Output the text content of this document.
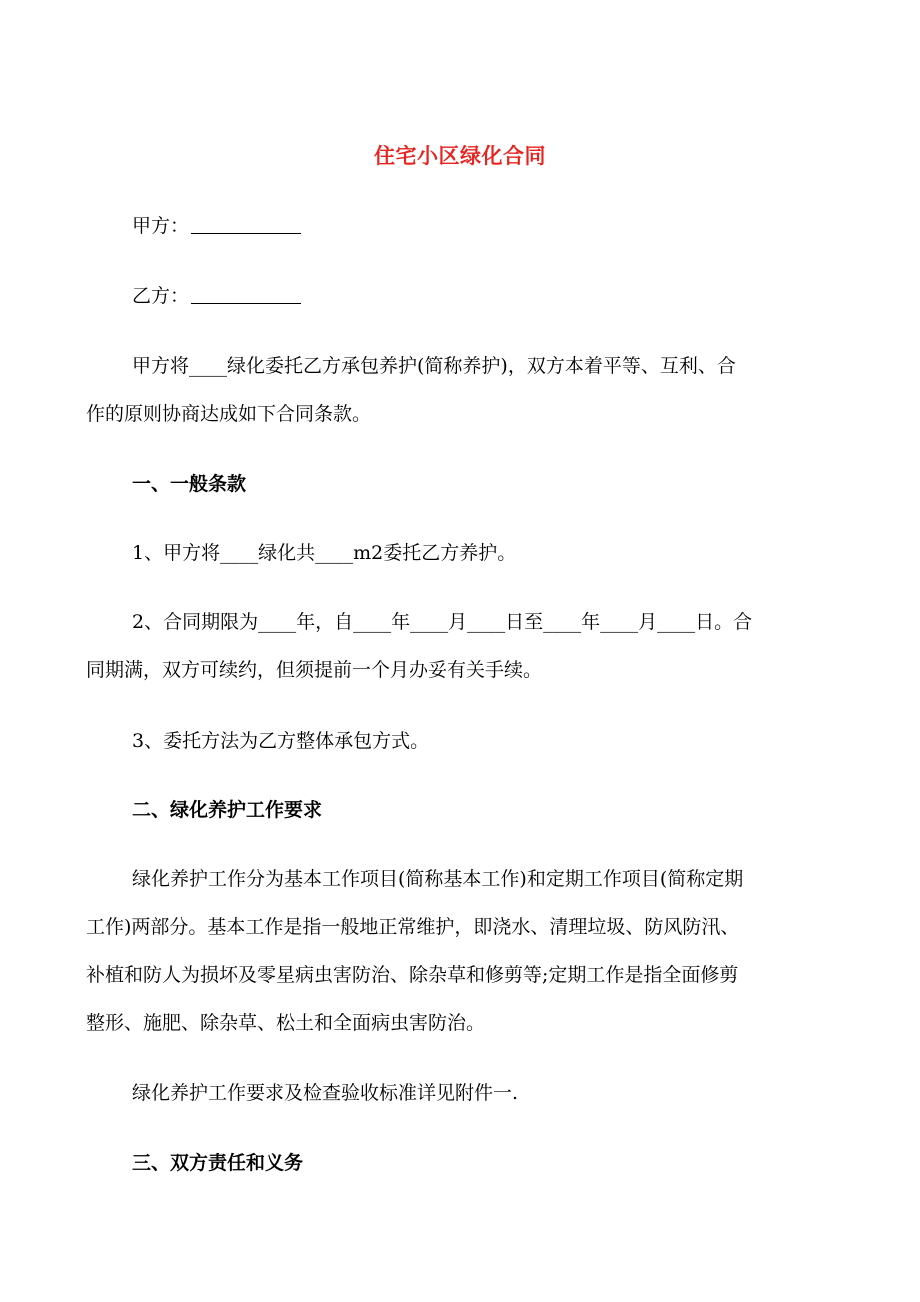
住宅小区绿化合同
甲方：
乙方：
甲方将____绿化委托乙方承包养护(简称养护)，双方本着平等、互利、合
作的原则协商达成如下合同条款。
一、一般条款
1、甲方将____绿化共____m2委托乙方养护。
2、合同期限为____年，自____年____月____日至____年____月____日。合
同期满，双方可续约，但须提前一个月办妥有关手续。
3、委托方法为乙方整体承包方式。
二、绿化养护工作要求
绿化养护工作分为基本工作项目(简称基本工作)和定期工作项目(简称定期
工作)两部分。基本工作是指一般地正常维护，即浇水、清理垃圾、防风防汛、
补植和防人为损坏及零星病虫害防治、除杂草和修剪等;定期工作是指全面修剪
整形、施肥、除杂草、松土和全面病虫害防治。
绿化养护工作要求及检查验收标准详见附件一.
三、双方责任和义务
